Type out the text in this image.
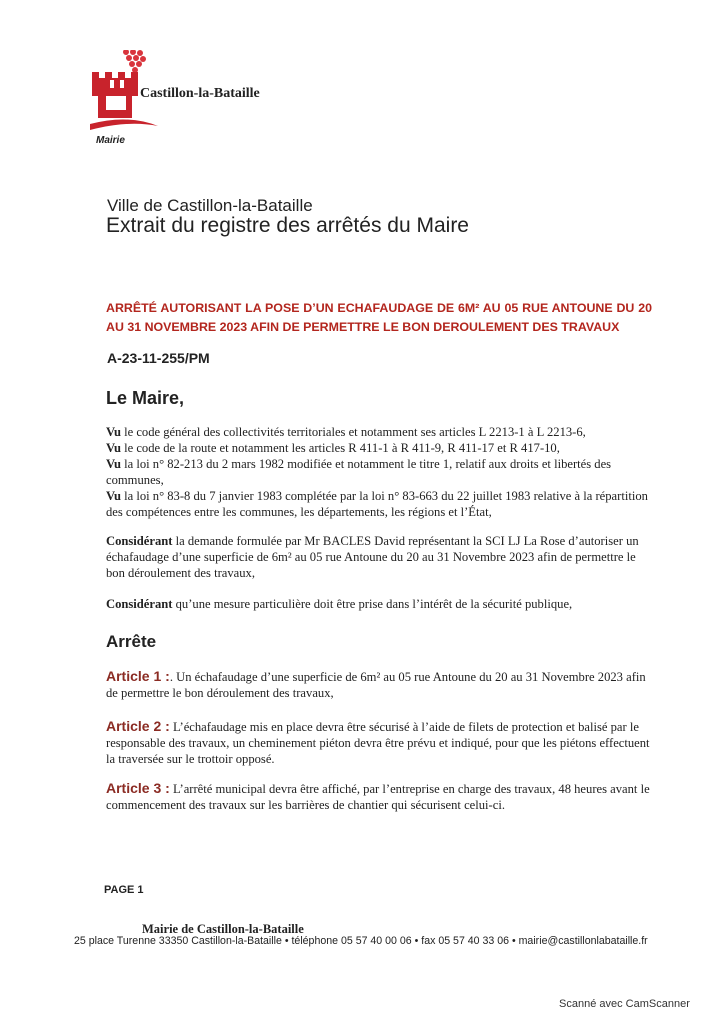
Castillon-la-Bataille
Mairie
Ville de Castillon-la-Bataille
Extrait du registre des arrêtés du Maire
ARRÊTÉ AUTORISANT LA POSE D’UN ECHAFAUDAGE DE 6M² AU 05 RUE ANTOUNE DU 20 AU 31 NOVEMBRE 2023 AFIN DE PERMETTRE LE BON DEROULEMENT DES TRAVAUX
A-23-11-255/PM
Le Maire,
Vu le code général des collectivités territoriales et notamment ses articles L 2213-1 à L 2213-6,
Vu le code de la route et notamment les articles R 411-1 à R 411-9, R 411-17 et R 417-10,
Vu la loi n° 82-213 du 2 mars 1982 modifiée et notamment le titre 1, relatif aux droits et libertés des communes,
Vu la loi n° 83-8 du 7 janvier 1983 complétée par la loi n° 83-663 du 22 juillet 1983 relative à la répartition des compétences entre les communes, les départements, les régions et l’État,
Considérant la demande formulée par Mr BACLES David représentant la SCI LJ La Rose d’autoriser un échafaudage d’une superficie de 6m² au 05 rue Antoune du 20 au 31 Novembre 2023 afin de permettre le bon déroulement des travaux,
Considérant qu’une mesure particulière doit être prise dans l’intérêt de la sécurité publique,
Arrête
Article 1 :. Un échafaudage d’une superficie de 6m² au 05 rue Antoune du 20 au 31 Novembre 2023 afin de permettre le bon déroulement des travaux,
Article 2 : L’échafaudage mis en place devra être sécurisé à l’aide de filets de protection et balisé par le responsable des travaux, un cheminement piéton devra être prévu et indiqué, pour que les piétons effectuent la traversée sur le trottoir opposé.
Article 3 : L’arrêté municipal devra être affiché, par l’entreprise en charge des travaux, 48 heures avant le commencement des travaux sur les barrières de chantier qui sécurisent celui-ci.
PAGE 1
Mairie de Castillon-la-Bataille
25 place Turenne 33350 Castillon-la-Bataille • téléphone 05 57 40 00 06 • fax 05 57 40 33 06 • mairie@castillonlabataille.fr
Scanné avec CamScanner
